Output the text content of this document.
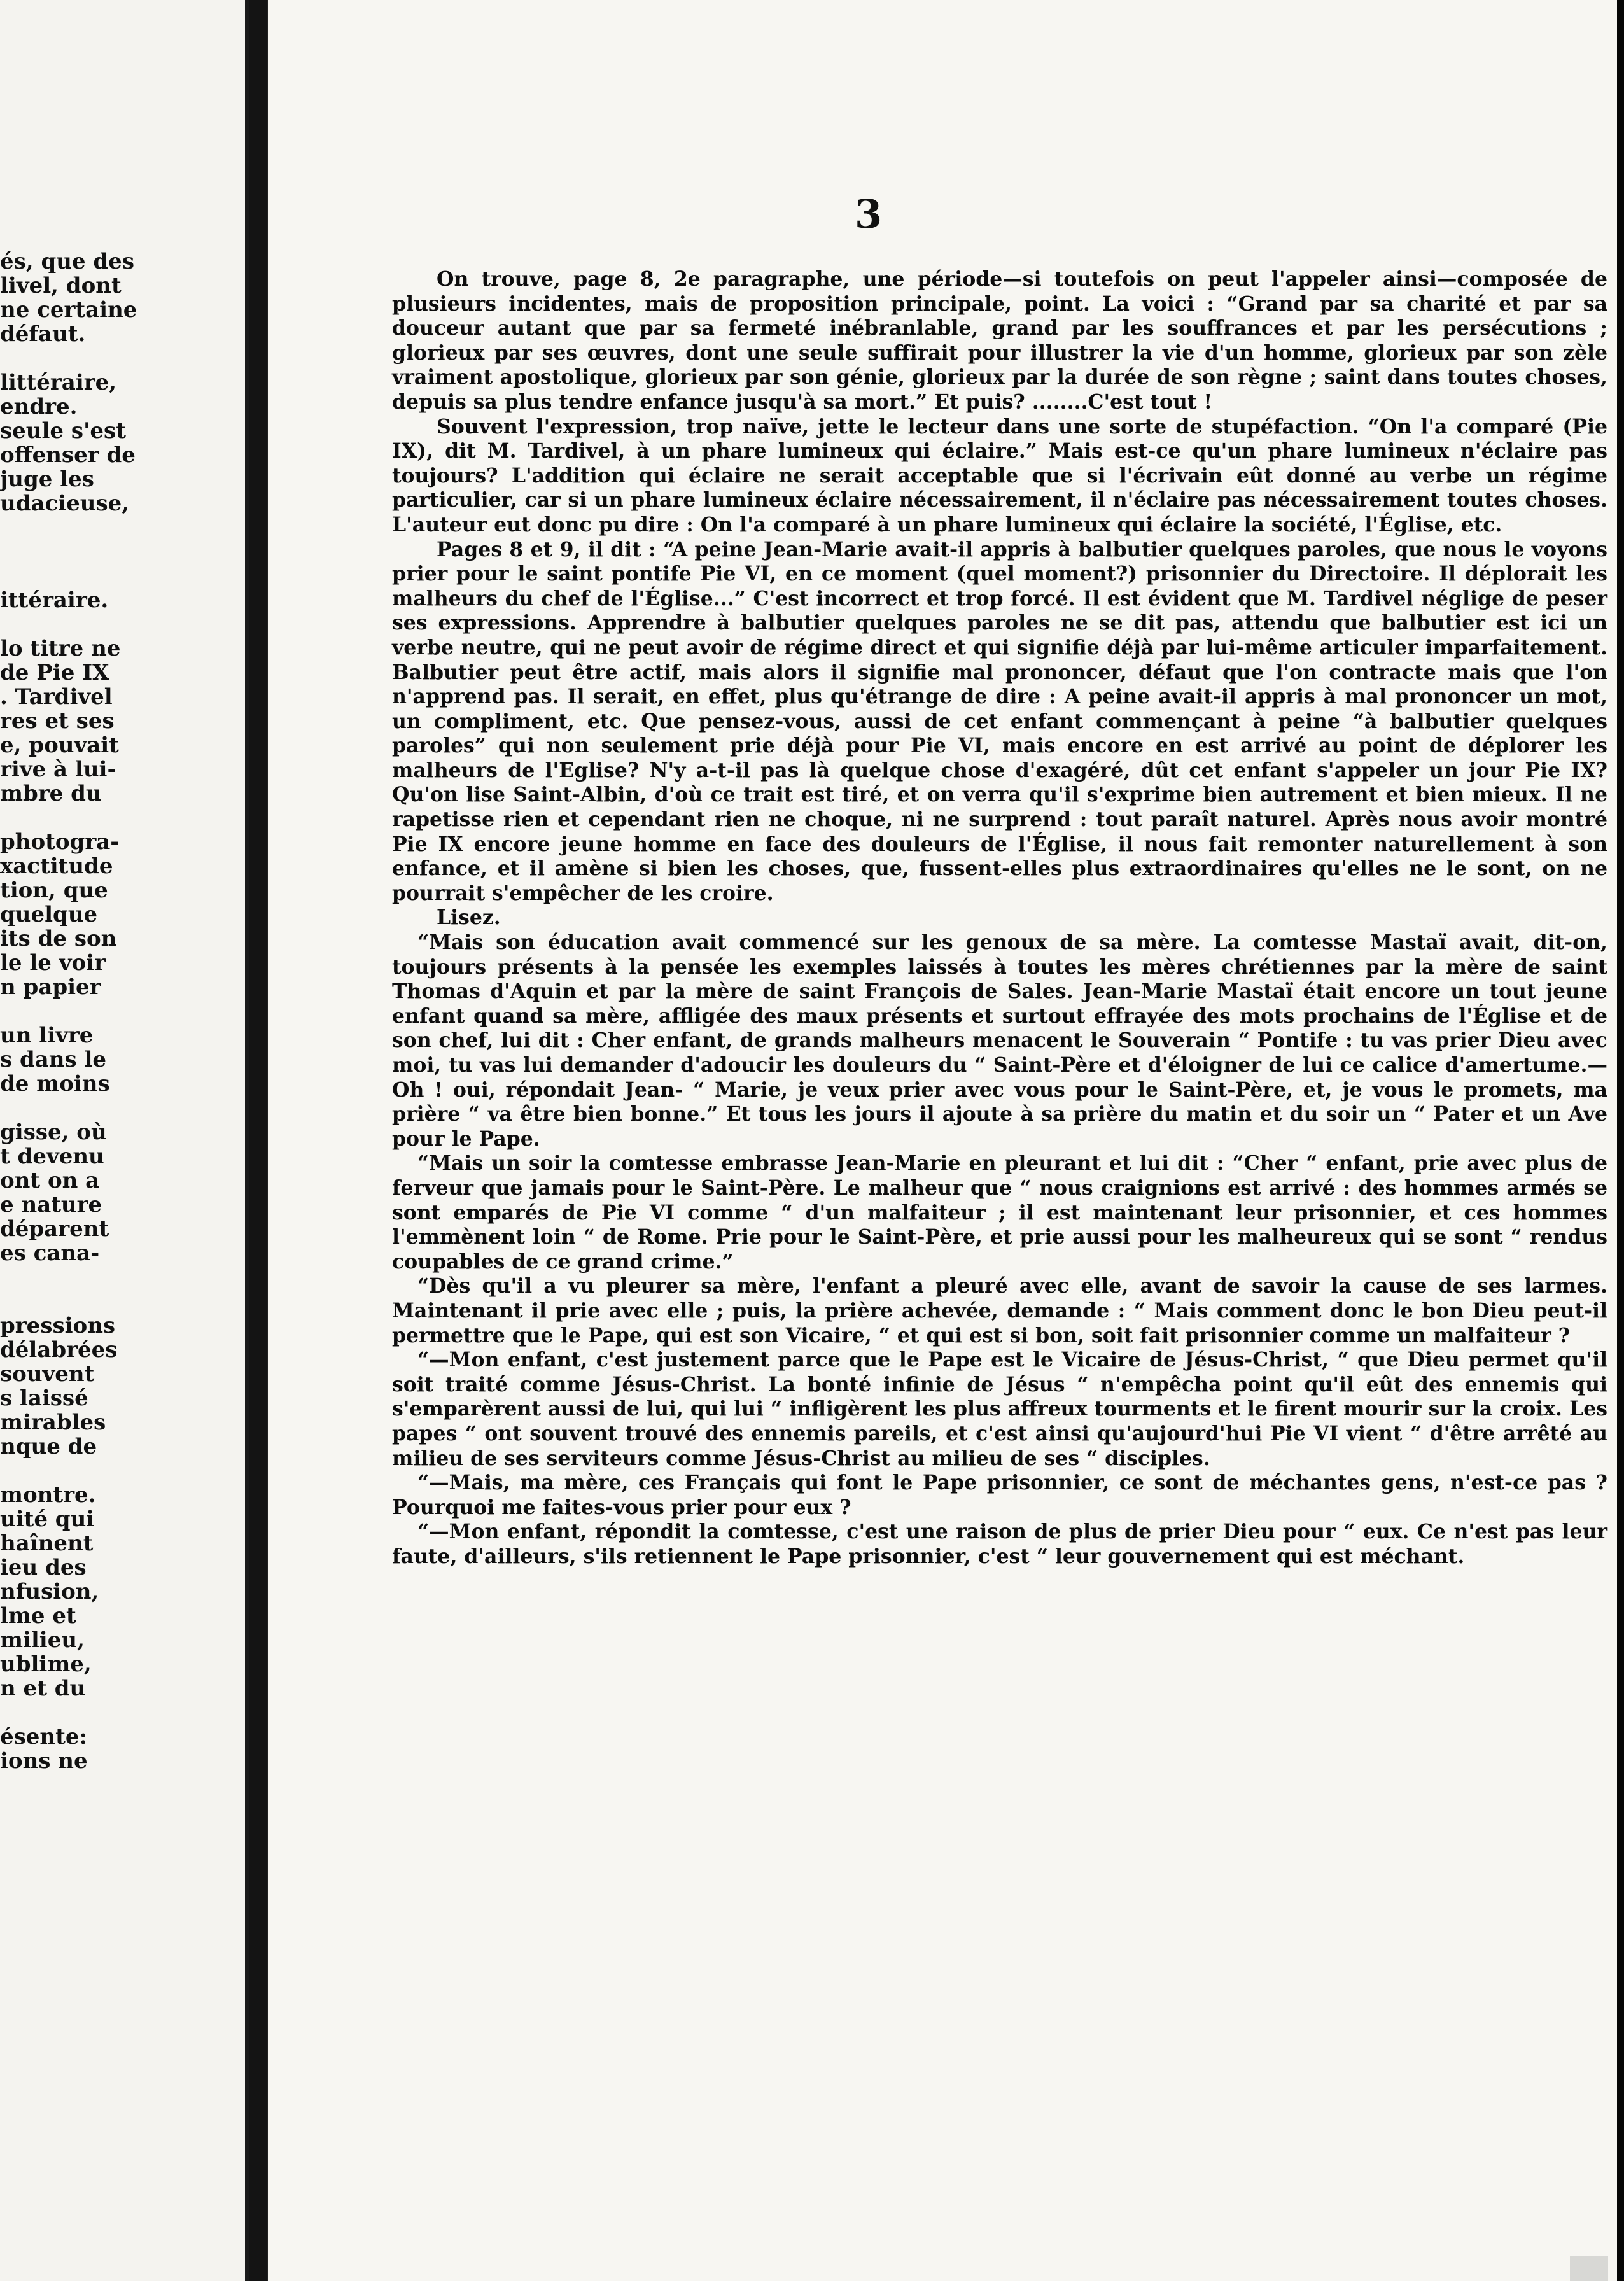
és, que des
livel, dont
ne certaine
défaut.
littéraire,
endre.
seule s'est
offenser de
juge les
udacieuse,
ittéraire.
lo titre ne
de Pie IX
. Tardivel
res et ses
e, pouvait
rive à lui-
mbre du
photogra-
xactitude
tion, que
quelque
its de son
le le voir
n papier
un livre
s dans le
de moins
gisse, où
t devenu
ont on a
e nature
déparent
es cana-
pressions
délabrées
souvent
s laissé
mirables
nque de
montre.
uité qui
haînent
ieu des
nfusion,
lme et
milieu,
ublime,
n et du
ésente:
ions ne
3

On trouve, page 8, 2e paragraphe, une période—si toutefois on peut l'appeler ainsi—composée de plusieurs incidentes, mais de proposition principale, point. La voici : “Grand par sa charité et par sa douceur autant que par sa fermeté inébranlable, grand par les souffrances et par les persécutions ; glorieux par ses œuvres, dont une seule suffirait pour illustrer la vie d'un homme, glorieux par son zèle vraiment apostolique, glorieux par son génie, glorieux par la durée de son règne ; saint dans toutes choses, depuis sa plus tendre enfance jusqu'à sa mort.” Et puis? ........C'est tout !

Souvent l'expression, trop naïve, jette le lecteur dans une sorte de stupéfaction. “On l'a comparé (Pie IX), dit M. Tardivel, à un phare lumineux qui éclaire.” Mais est-ce qu'un phare lumineux n'éclaire pas toujours? L'addition qui éclaire ne serait acceptable que si l'écrivain eût donné au verbe un régime particulier, car si un phare lumineux éclaire nécessairement, il n'éclaire pas nécessairement toutes choses. L'auteur eut donc pu dire : On l'a comparé à un phare lumineux qui éclaire la société, l'Église, etc.

Pages 8 et 9, il dit : “A peine Jean-Marie avait-il appris à balbutier quelques paroles, que nous le voyons prier pour le saint pontife Pie VI, en ce moment (quel moment?) prisonnier du Directoire. Il déplorait les malheurs du chef de l'Église...” C'est incorrect et trop forcé. Il est évident que M. Tardivel néglige de peser ses expressions. Apprendre à balbutier quelques paroles ne se dit pas, attendu que balbutier est ici un verbe neutre, qui ne peut avoir de régime direct et qui signifie déjà par lui-même articuler imparfaitement. Balbutier peut être actif, mais alors il signifie mal prononcer, défaut que l'on contracte mais que l'on n'apprend pas. Il serait, en effet, plus qu'étrange de dire : A peine avait-il appris à mal prononcer un mot, un compliment, etc. Que pensez-vous, aussi de cet enfant commençant à peine “à balbutier quelques paroles” qui non seulement prie déjà pour Pie VI, mais encore en est arrivé au point de déplorer les malheurs de l'Eglise? N'y a-t-il pas là quelque chose d'exagéré, dût cet enfant s'appeler un jour Pie IX? Qu'on lise Saint-Albin, d'où ce trait est tiré, et on verra qu'il s'exprime bien autrement et bien mieux. Il ne rapetisse rien et cependant rien ne choque, ni ne surprend : tout paraît naturel. Après nous avoir montré Pie IX encore jeune homme en face des douleurs de l'Église, il nous fait remonter naturellement à son enfance, et il amène si bien les choses, que, fussent-elles plus extraordinaires qu'elles ne le sont, on ne pourrait s'empêcher de les croire.

Lisez.

“Mais son éducation avait commencé sur les genoux de sa mère. La comtesse Mastaï avait, dit-on, toujours présents à la pensée les exemples laissés à toutes les mères chrétiennes par la mère de saint Thomas d'Aquin et par la mère de saint François de Sales. Jean-Marie Mastaï était encore un tout jeune enfant quand sa mère, affligée des maux présents et surtout effrayée des mots prochains de l'Église et de son chef, lui dit : Cher enfant, de grands malheurs menacent le Souverain “ Pontife : tu vas prier Dieu avec moi, tu vas lui demander d'adoucir les douleurs du “ Saint-Père et d'éloigner de lui ce calice d'amertume.—Oh ! oui, répondait Jean- “ Marie, je veux prier avec vous pour le Saint-Père, et, je vous le promets, ma prière “ va être bien bonne.” Et tous les jours il ajoute à sa prière du matin et du soir un “ Pater et un Ave pour le Pape.

“Mais un soir la comtesse embrasse Jean-Marie en pleurant et lui dit : “Cher “ enfant, prie avec plus de ferveur que jamais pour le Saint-Père. Le malheur que “ nous craignions est arrivé : des hommes armés se sont emparés de Pie VI comme “ d'un malfaiteur ; il est maintenant leur prisonnier, et ces hommes l'emmènent loin “ de Rome. Prie pour le Saint-Père, et prie aussi pour les malheureux qui se sont “ rendus coupables de ce grand crime.”

“Dès qu'il a vu pleurer sa mère, l'enfant a pleuré avec elle, avant de savoir la cause de ses larmes. Maintenant il prie avec elle ; puis, la prière achevée, demande : “ Mais comment donc le bon Dieu peut-il permettre que le Pape, qui est son Vicaire, “ et qui est si bon, soit fait prisonnier comme un malfaiteur ?

“—Mon enfant, c'est justement parce que le Pape est le Vicaire de Jésus-Christ, “ que Dieu permet qu'il soit traité comme Jésus-Christ. La bonté infinie de Jésus “ n'empêcha point qu'il eût des ennemis qui s'emparèrent aussi de lui, qui lui “ infligèrent les plus affreux tourments et le firent mourir sur la croix. Les papes “ ont souvent trouvé des ennemis pareils, et c'est ainsi qu'aujourd'hui Pie VI vient “ d'être arrêté au milieu de ses serviteurs comme Jésus-Christ au milieu de ses “ disciples.

“—Mais, ma mère, ces Français qui font le Pape prisonnier, ce sont de méchantes gens, n'est-ce pas ? Pourquoi me faites-vous prier pour eux ?

“—Mon enfant, répondit la comtesse, c'est une raison de plus de prier Dieu pour “ eux. Ce n'est pas leur faute, d'ailleurs, s'ils retiennent le Pape prisonnier, c'est “ leur gouvernement qui est méchant.
